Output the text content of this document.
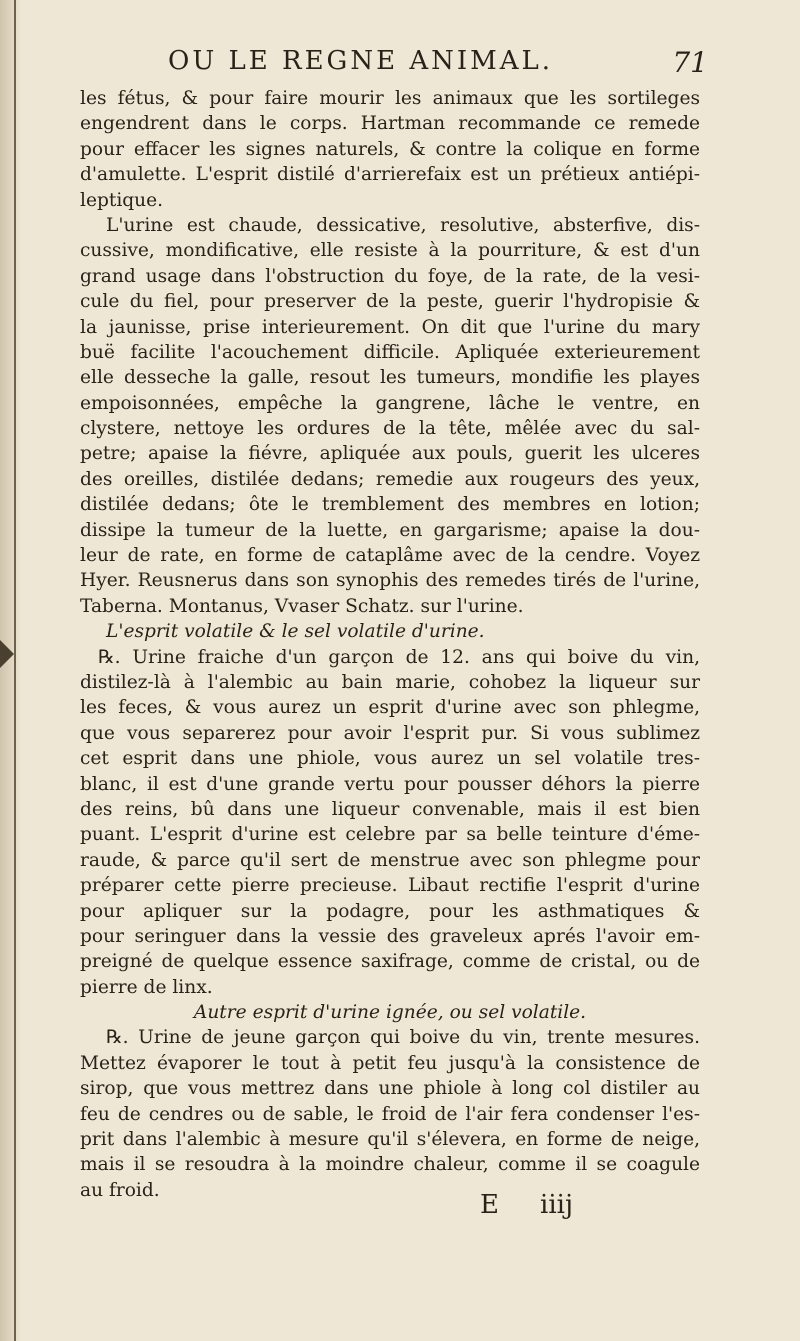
OU LE REGNE ANIMAL.	71
les fétus, & pour faire mourir les animaux que les sortileges
engendrent dans le corps. Hartman recommande ce remede
pour effacer les signes naturels, & contre la colique en forme
d'amulette. L'esprit distilé d'arrierefaix est un prétieux antiépi-
leptique.
L'urine est chaude, dessicative, resolutive, absterfive, dis-
cussive, mondificative, elle resiste à la pourriture, & est d'un
grand usage dans l'obstruction du foye, de la rate, de la vesi-
cule du fiel, pour preserver de la peste, guerir l'hydropisie &
la jaunisse, prise interieurement. On dit que l'urine du mary
buë facilite l'acouchement difficile. Apliquée exterieurement
elle desseche la galle, resout les tumeurs, mondifie les playes
empoisonnées, empêche la gangrene, lâche le ventre, en
clystere, nettoye les ordures de la tête, mêlée avec du sal-
petre; apaise la fiévre, apliquée aux pouls, guerit les ulceres
des oreilles, distilée dedans; remedie aux rougeurs des yeux,
distilée dedans; ôte le tremblement des membres en lotion;
dissipe la tumeur de la luette, en gargarisme; apaise la dou-
leur de rate, en forme de cataplâme avec de la cendre. Voyez
Hyer. Reusnerus dans son synophis des remedes tirés de l'urine,
Taberna. Montanus, Vvaser Schatz. sur l'urine.
L'esprit volatile & le sel volatile d'urine.
℞. Urine fraiche d'un garçon de 12. ans qui boive du vin,
distilez-là à l'alembic au bain marie, cohobez la liqueur sur
les feces, & vous aurez un esprit d'urine avec son phlegme,
que vous separerez pour avoir l'esprit pur. Si vous sublimez
cet esprit dans une phiole, vous aurez un sel volatile tres-
blanc, il est d'une grande vertu pour pousser déhors la pierre
des reins, bû dans une liqueur convenable, mais il est bien
puant. L'esprit d'urine est celebre par sa belle teinture d'éme-
raude, & parce qu'il sert de menstrue avec son phlegme pour
préparer cette pierre precieuse. Libaut rectifie l'esprit d'urine
pour apliquer sur la podagre, pour les asthmatiques &
pour seringuer dans la vessie des graveleux aprés l'avoir em-
preigné de quelque essence saxifrage, comme de cristal, ou de
pierre de linx.
Autre esprit d'urine ignée, ou sel volatile.
℞. Urine de jeune garçon qui boive du vin, trente mesures.
Mettez évaporer le tout à petit feu jusqu'à la consistence de
sirop, que vous mettrez dans une phiole à long col distiler au
feu de cendres ou de sable, le froid de l'air fera condenser l'es-
prit dans l'alembic à mesure qu'il s'élevera, en forme de neige,
mais il se resoudra à la moindre chaleur, comme il se coagule
au froid.	E iiij
